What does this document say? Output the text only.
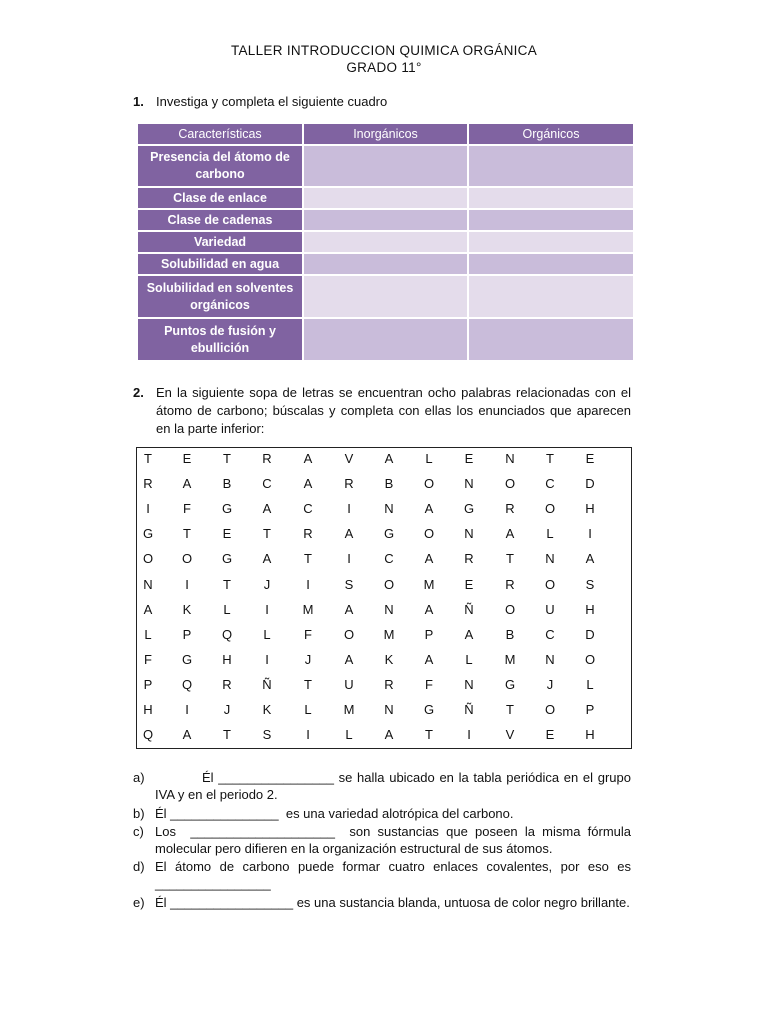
TALLER INTRODUCCION QUIMICA ORGÁNICA
GRADO 11°
1. Investiga y completa el siguiente cuadro
Características	Inorgánicos	Orgánicos
Presencia del átomo de carbono		
Clase de enlace		
Clase de cadenas		
Variedad		
Solubilidad en agua		
Solubilidad en solventes orgánicos		
Puntos de fusión y ebullición		
2. En la siguiente sopa de letras se encuentran ocho palabras relacionadas con el átomo de carbono; búscalas y completa con ellas los enunciados que aparecen en la parte inferior:
T E T R A V A L E N T E
R A B C A R B O N O C D
I	F G A C	I	N A G R O H
G T E T R A G O N A L	I
O O G A	T	I	C A R T N A
N	I	T	J	I	S O M E R O S
A K L	I	M A N A Ñ O U H
L P Q L	F O M P A B C D
F G H	I	J	A K A L M N O
P Q R Ñ T U R F N G J	L
H	I	J K	L M N G Ñ T O P
Q A T S	I	L A T	I	V E H
a) Él ________________ se halla ubicado en la tabla periódica en el grupo IVA y en el periodo 2.
b) Él _______________  es una variedad alotrópica del carbono.
c) Los  ____________________  son sustancias que poseen la misma fórmula molecular pero difieren en la organización estructural de sus átomos.
d) El átomo de carbono puede formar cuatro enlaces covalentes, por eso es ________________
e) Él _________________ es una sustancia blanda, untuosa de color negro brillante.
